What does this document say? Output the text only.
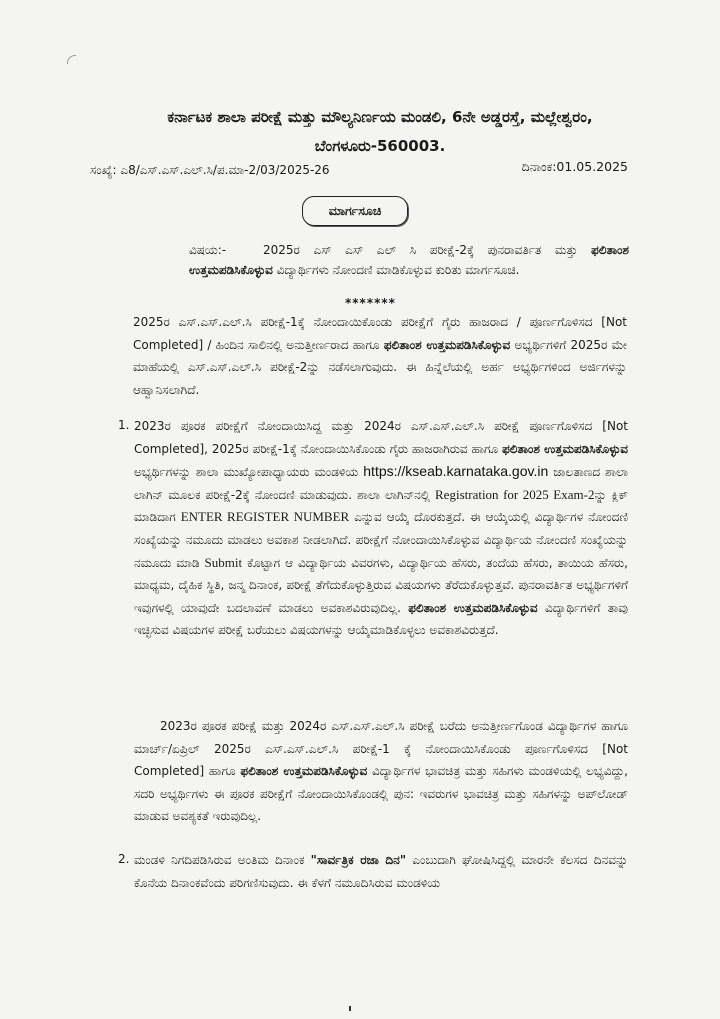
ಕರ್ನಾಟಕ ಶಾಲಾ ಪರೀಕ್ಷೆ ಮತ್ತು ಮೌಲ್ಯನಿರ್ಣಯ ಮಂಡಲಿ, 6ನೇ ಅಡ್ಡರಸ್ತೆ, ಮಲ್ಲೇಶ್ವರಂ,
ಬೆಂಗಳೂರು-560003.
ಸಂಖ್ಯೆ: ಎ8/ಎಸ್.ಎಸ್.ಎಲ್.ಸಿ/ಪ.ಮಾ-2/03/2025-26	ದಿನಾಂಕ:01.05.2025
ಮಾರ್ಗಸೂಚಿ
ವಿಷಯ:-	2025ರ ಎಸ್ ಎಸ್ ಎಲ್ ಸಿ ಪರೀಕ್ಷೆ-2ಕ್ಕೆ ಪುನರಾವರ್ತಿತ ಮತ್ತು ಫಲಿತಾಂಶ ಉತ್ತಮಪಡಿಸಿಕೊಳ್ಳುವ ವಿದ್ಯಾರ್ಥಿಗಳು ನೋಂದಣಿ ಮಾಡಿಕೊಳ್ಳುವ ಕುರಿತು ಮಾರ್ಗಸೂಚಿ.
*******
2025ರ ಎಸ್.ಎಸ್.ಎಲ್.ಸಿ ಪರೀಕ್ಷೆ-1ಕ್ಕೆ ನೋಂದಾಯಿಕೊಂಡು ಪರೀಕ್ಷೆಗೆ ಗೈರು ಹಾಜರಾದ / ಪೂರ್ಣಗೊಳಿಸದ [Not Completed] / ಹಿಂದಿನ ಸಾಲಿನಲ್ಲಿ ಅನುತ್ತೀರ್ಣರಾದ ಹಾಗೂ ಫಲಿತಾಂಶ ಉತ್ತಮಪಡಿಸಿಕೊಳ್ಳುವ ಅಭ್ಯರ್ಥಿಗಳಿಗೆ 2025ರ ಮೇ ಮಾಹೆಯಲ್ಲಿ ಎಸ್.ಎಸ್.ಎಲ್.ಸಿ ಪರೀಕ್ಷೆ-2ನ್ನು ನಡೆಸಲಾಗುವುದು. ಈ ಹಿನ್ನೆಲೆಯಲ್ಲಿ ಅರ್ಹ ಅಭ್ಯರ್ಥಿಗಳಿಂದ ಅರ್ಜಿಗಳನ್ನು ಆಹ್ವಾನಿಸಲಾಗಿದೆ.
1. 2023ರ ಪೂರಕ ಪರೀಕ್ಷೆಗೆ ನೋಂದಾಯಿಸಿದ್ದ ಮತ್ತು 2024ರ ಎಸ್.ಎಸ್.ಎಲ್.ಸಿ ಪರೀಕ್ಷೆ ಪೂರ್ಣಗೊಳಿಸದ [Not Completed], 2025ರ ಪರೀಕ್ಷೆ-1ಕ್ಕೆ ನೋಂದಾಯಿಸಿಕೊಂಡು ಗೈರು ಹಾಜರಾಗಿರುವ ಹಾಗೂ ಫಲಿತಾಂಶ ಉತ್ತಮಪಡಿಸಿಕೊಳ್ಳುವ ಅಭ್ಯರ್ಥಿಗಳನ್ನು ಶಾಲಾ ಮುಖ್ಯೋಪಾಧ್ಯಾಯರು ಮಂಡಳಿಯ https://kseab.karnataka.gov.in ಜಾಲತಾಣದ ಶಾಲಾ ಲಾಗಿನ್ ಮೂಲಕ ಪರೀಕ್ಷೆ-2ಕ್ಕೆ ನೋಂದಣಿ ಮಾಡುವುದು. ಶಾಲಾ ಲಾಗಿನ್‌ನಲ್ಲಿ Registration for 2025 Exam-2ನ್ನು ಕ್ಲಿಕ್ ಮಾಡಿದಾಗ ENTER REGISTER NUMBER ಎನ್ನುವ ಆಯ್ಕೆ ದೊರಕುತ್ತದೆ. ಈ ಆಯ್ಕೆಯಲ್ಲಿ ವಿದ್ಯಾರ್ಥಿಗಳ ನೋಂದಣಿ ಸಂಖ್ಯೆಯನ್ನು ನಮೂದು ಮಾಡಲು ಅವಕಾಶ ನೀಡಲಾಗಿದೆ. ಪರೀಕ್ಷೆಗೆ ನೋಂದಾಯಿಸಿಕೊಳ್ಳುವ ವಿದ್ಯಾರ್ಥಿಯ ನೋಂದಣಿ ಸಂಖ್ಯೆಯನ್ನು ನಮೂದು ಮಾಡಿ Submit ಕೊಟ್ಟಾಗ ಆ ವಿದ್ಯಾರ್ಥಿಯ ವಿವರಗಳು, ವಿದ್ಯಾರ್ಥಿಯ ಹೆಸರು, ತಂದೆಯ ಹೆಸರು, ತಾಯಿಯ ಹೆಸರು, ಮಾಧ್ಯಮ, ದೈಹಿಕ ಸ್ಥಿತಿ, ಜನ್ಮ ದಿನಾಂಕ, ಪರೀಕ್ಷೆ ತೆಗೆದುಕೊಳ್ಳುತ್ತಿರುವ ವಿಷಯಗಳು ತೆರೆದುಕೊಳ್ಳುತ್ತವೆ. ಪುನರಾವರ್ತಿತ ಅಭ್ಯರ್ಥಿಗಳಿಗೆ ಇವುಗಳಲ್ಲಿ ಯಾವುದೇ ಬದಲಾವಣೆ ಮಾಡಲು ಅವಕಾಶವಿರುವುದಿಲ್ಲ. ಫಲಿತಾಂಶ ಉತ್ತಮಪಡಿಸಿಕೊಳ್ಳುವ ವಿದ್ಯಾರ್ಥಿಗಳಿಗೆ ತಾವು ಇಚ್ಛಿಸುವ ವಿಷಯಗಳ ಪರೀಕ್ಷೆ ಬರೆಯಲು ವಿಷಯಗಳನ್ನು ಆಯ್ಕೆಮಾಡಿಕೊಳ್ಳಲು ಅವಕಾಶವಿರುತ್ತದೆ.
2023ರ ಪೂರಕ ಪರೀಕ್ಷೆ ಮತ್ತು 2024ರ ಎಸ್.ಎಸ್.ಎಲ್.ಸಿ ಪರೀಕ್ಷೆ ಬರೆದು ಅನುತ್ತೀರ್ಣಗೊಂಡ ವಿದ್ಯಾರ್ಥಿಗಳ ಹಾಗೂ ಮಾರ್ಚ್/ಏಪ್ರಿಲ್ 2025ರ ಎಸ್.ಎಸ್.ಎಲ್.ಸಿ ಪರೀಕ್ಷೆ-1 ಕ್ಕೆ ನೋಂದಾಯಿಸಿಕೊಂಡು ಪೂರ್ಣಗೊಳಿಸದ [Not Completed] ಹಾಗೂ ಫಲಿತಾಂಶ ಉತ್ತಮಪಡಿಸಿಕೊಳ್ಳುವ ವಿದ್ಯಾರ್ಥಿಗಳ ಭಾವಚಿತ್ರ ಮತ್ತು ಸಹಿಗಳು ಮಂಡಳಿಯಲ್ಲಿ ಲಭ್ಯವಿದ್ದು, ಸದರಿ ಅಭ್ಯರ್ಥಿಗಳು ಈ ಪೂರಕ ಪರೀಕ್ಷೆಗೆ ನೋಂದಾಯಿಸಿಕೊಂಡಲ್ಲಿ ಪುನ: ಇವರುಗಳ ಭಾವಚಿತ್ರ ಮತ್ತು ಸಹಿಗಳನ್ನು ಅಪ್‌ಲೋಡ್ ಮಾಡುವ ಅವಶ್ಯಕತೆ ಇರುವುದಿಲ್ಲ.
2. ಮಂಡಳಿ ನಿಗದಿಪಡಿಸಿರುವ ಅಂತಿಮ ದಿನಾಂಕ "ಸಾರ್ವತ್ರಿಕ ರಜಾ ದಿನ" ಎಂಬುದಾಗಿ ಘೋಷಿಸಿದ್ದಲ್ಲಿ ಮಾರನೇ ಕೆಲಸದ ದಿನವನ್ನು ಕೊನೆಯ ದಿನಾಂಕವೆಂದು ಪರಿಗಣಿಸುವುದು. ಈ ಕೆಳಗೆ ನಮೂದಿಸಿರುವ ಮಂಡಳಿಯ
